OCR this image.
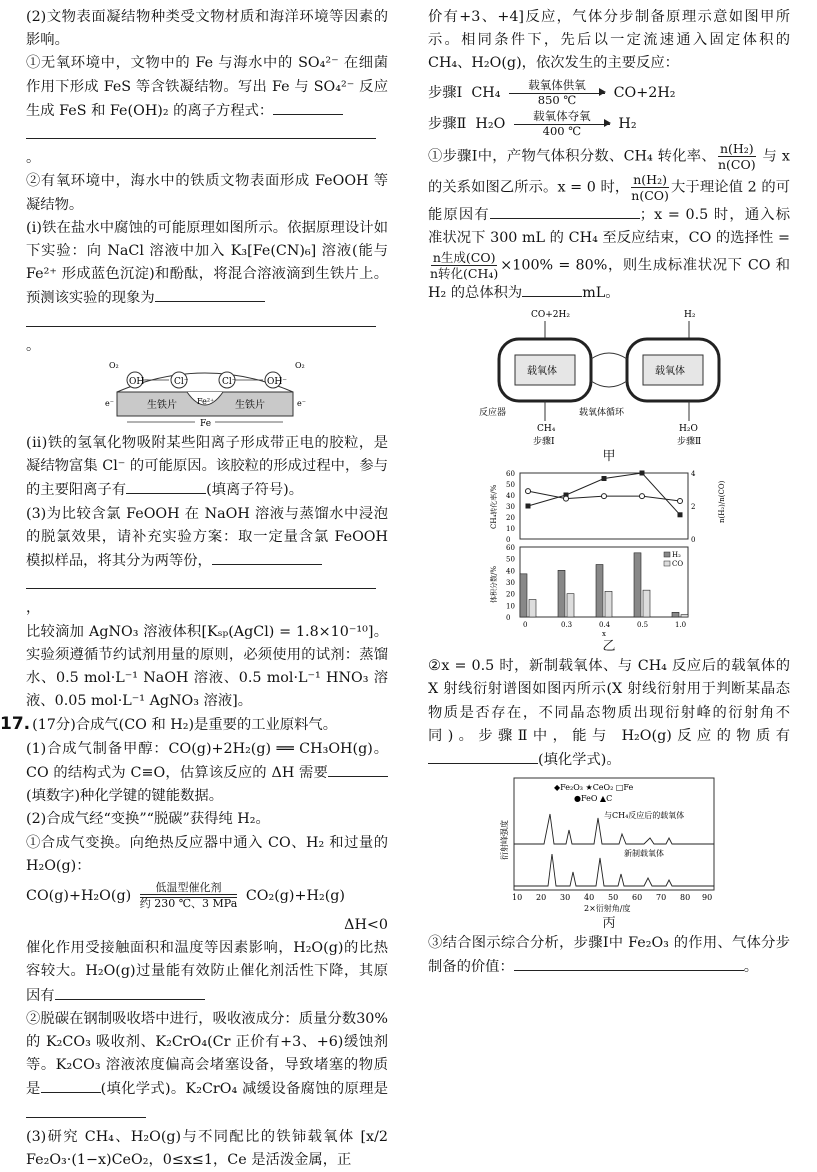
(2)文物表面凝结物种类受文物材质和海洋环境等因素的影响。

①无氧环境中，文物中的 Fe 与海水中的 SO₄²⁻ 在细菌作用下形成 FeS 等含铁凝结物。写出 Fe 与 SO₄²⁻ 反应生成 FeS 和 Fe(OH)₂ 的离子方程式：

。

②有氧环境中，海水中的铁质文物表面形成 FeOOH 等凝结物。

(ⅰ)铁在盐水中腐蚀的可能原理如图所示。依据原理设计如下实验：向 NaCl 溶液中加入 K₃[Fe(CN)₆] 溶液(能与 Fe²⁺ 形成蓝色沉淀)和酚酞，将混合溶液滴到生铁片上。预测该实验的现象为

。

OH⁻	Cl⁻	Cl⁻	OH⁻
O₂	O₂
生铁片	生铁片
Fe²⁺
Fe
e⁻	e⁻

(ⅱ)铁的氢氧化物吸附某些阳离子形成带正电的胶粒，是凝结物富集 Cl⁻ 的可能原因。该胶粒的形成过程中，参与的主要阳离子有	(填离子符号)。

(3)为比较含氯 FeOOH 在 NaOH 溶液与蒸馏水中浸泡的脱氯效果，请补充实验方案：取一定量含氯 FeOOH 模拟样品，将其分为两等份，

，

比较滴加 AgNO₃ 溶液体积[Kₛₚ(AgCl) = 1.8×10⁻¹⁰]。实验须遵循节约试剂用量的原则，必须使用的试剂：蒸馏水、0.5 mol·L⁻¹ NaOH 溶液、0.5 mol·L⁻¹ HNO₃ 溶液、0.05 mol·L⁻¹ AgNO₃ 溶液]。

17. (17分)合成气(CO 和 H₂)是重要的工业原料气。

(1)合成气制备甲醇：CO(g)+2H₂(g) ══ CH₃OH(g)。CO 的结构式为 C≡O，估算该反应的 ΔH 需要(填数字)种化学键的键能数据。

(2)合成气经“变换”“脱碳”获得纯 H₂。

①合成气变换。向绝热反应器中通入 CO、H₂ 和过量的 H₂O(g)：

CO(g)+H₂O(g)
低温型催化剂
约 230 ℃、3 MPa CO₂(g)+H₂(g)

ΔH<0

催化作用受接触面积和温度等因素影响，H₂O(g)的比热容较大。H₂O(g)过量能有效防止催化剂活性下降，其原因有

②脱碳在钢制吸收塔中进行，吸收液成分：质量分数30%的 K₂CO₃ 吸收剂、K₂CrO₄(Cr 正价有+3、+6)缓蚀剂等。K₂CO₃ 溶液浓度偏高会堵塞设备，导致堵塞的物质是	(填化学式)。K₂CrO₄ 减缓设备腐蚀的原理是

(3)研究 CH₄、H₂O(g)与不同配比的铁铈载氧体 [x/2 Fe₂O₃·(1−x)CeO₂，0≤x≤1，Ce 是活泼金属，正

价有+3、+4]反应，气体分步制备原理示意如图甲所示。相同条件下，先后以一定流速通入固定体积的 CH₄、H₂O(g)，依次发生的主要反应：

步骤Ⅰ CH₄ 载氧体供氧
850 ℃	CO+2H₂

步骤Ⅱ H₂O 载氧体夺氧
400 ℃	H₂

①步骤Ⅰ中，产物气体积分数、CH₄ 转化率、 $\frac{\text{n(H₂)}}{n(CO)}$ 与 x 的关系如图乙所示。x = 0 时， $\frac{\text{n(H₂)}}{n(CO)}$ 大于理论值 2 的可能原因有	；x = 0.5 时，通入标准状况下 300 mL 的 CH₄ 至反应结束，CO 的选择性 =
$\frac{\text{n生成(CO)}}{\text{n转化(CH₄)}} \times 100\% = 80\%$，则生成标准状况下 CO 和 H₂ 的总体积为	mL。

CO+2H₂	H₂
载氧体	载氧体
反应器	载氧体循环
CH₄	H₂O
步骤Ⅰ	步骤Ⅱ
甲
0
10
20
30
40
50
60
0
2
4
CH₄转化率/%	n(H₂)/n(CO)
0
10
20
30
40
50
60
体积分数/%
H₂
CO
0	0.3	0.4	0.5	1.0
x
乙

②x = 0.5 时，新制载氧体、与 CH₄ 反应后的载氧体的 X 射线衍射谱图如图丙所示(X 射线衍射用于判断某晶态物质是否存在，不同晶态物质出现衍射峰的衍射角不同)。步骤Ⅱ中，能与 H₂O(g)反应的物质有(填化学式)。

◆Fe₂O₃ ★CeO₂ □Fe
●FeO ▲C
与CH₄反应后的载氧体
新制载氧体
衍射峰强度
10 20 30 40 50 60 70 80 90
2×衍射角/度
丙

③结合图示综合分析，步骤Ⅰ中 Fe₂O₃ 的作用、气体分步制备的价值：	。
